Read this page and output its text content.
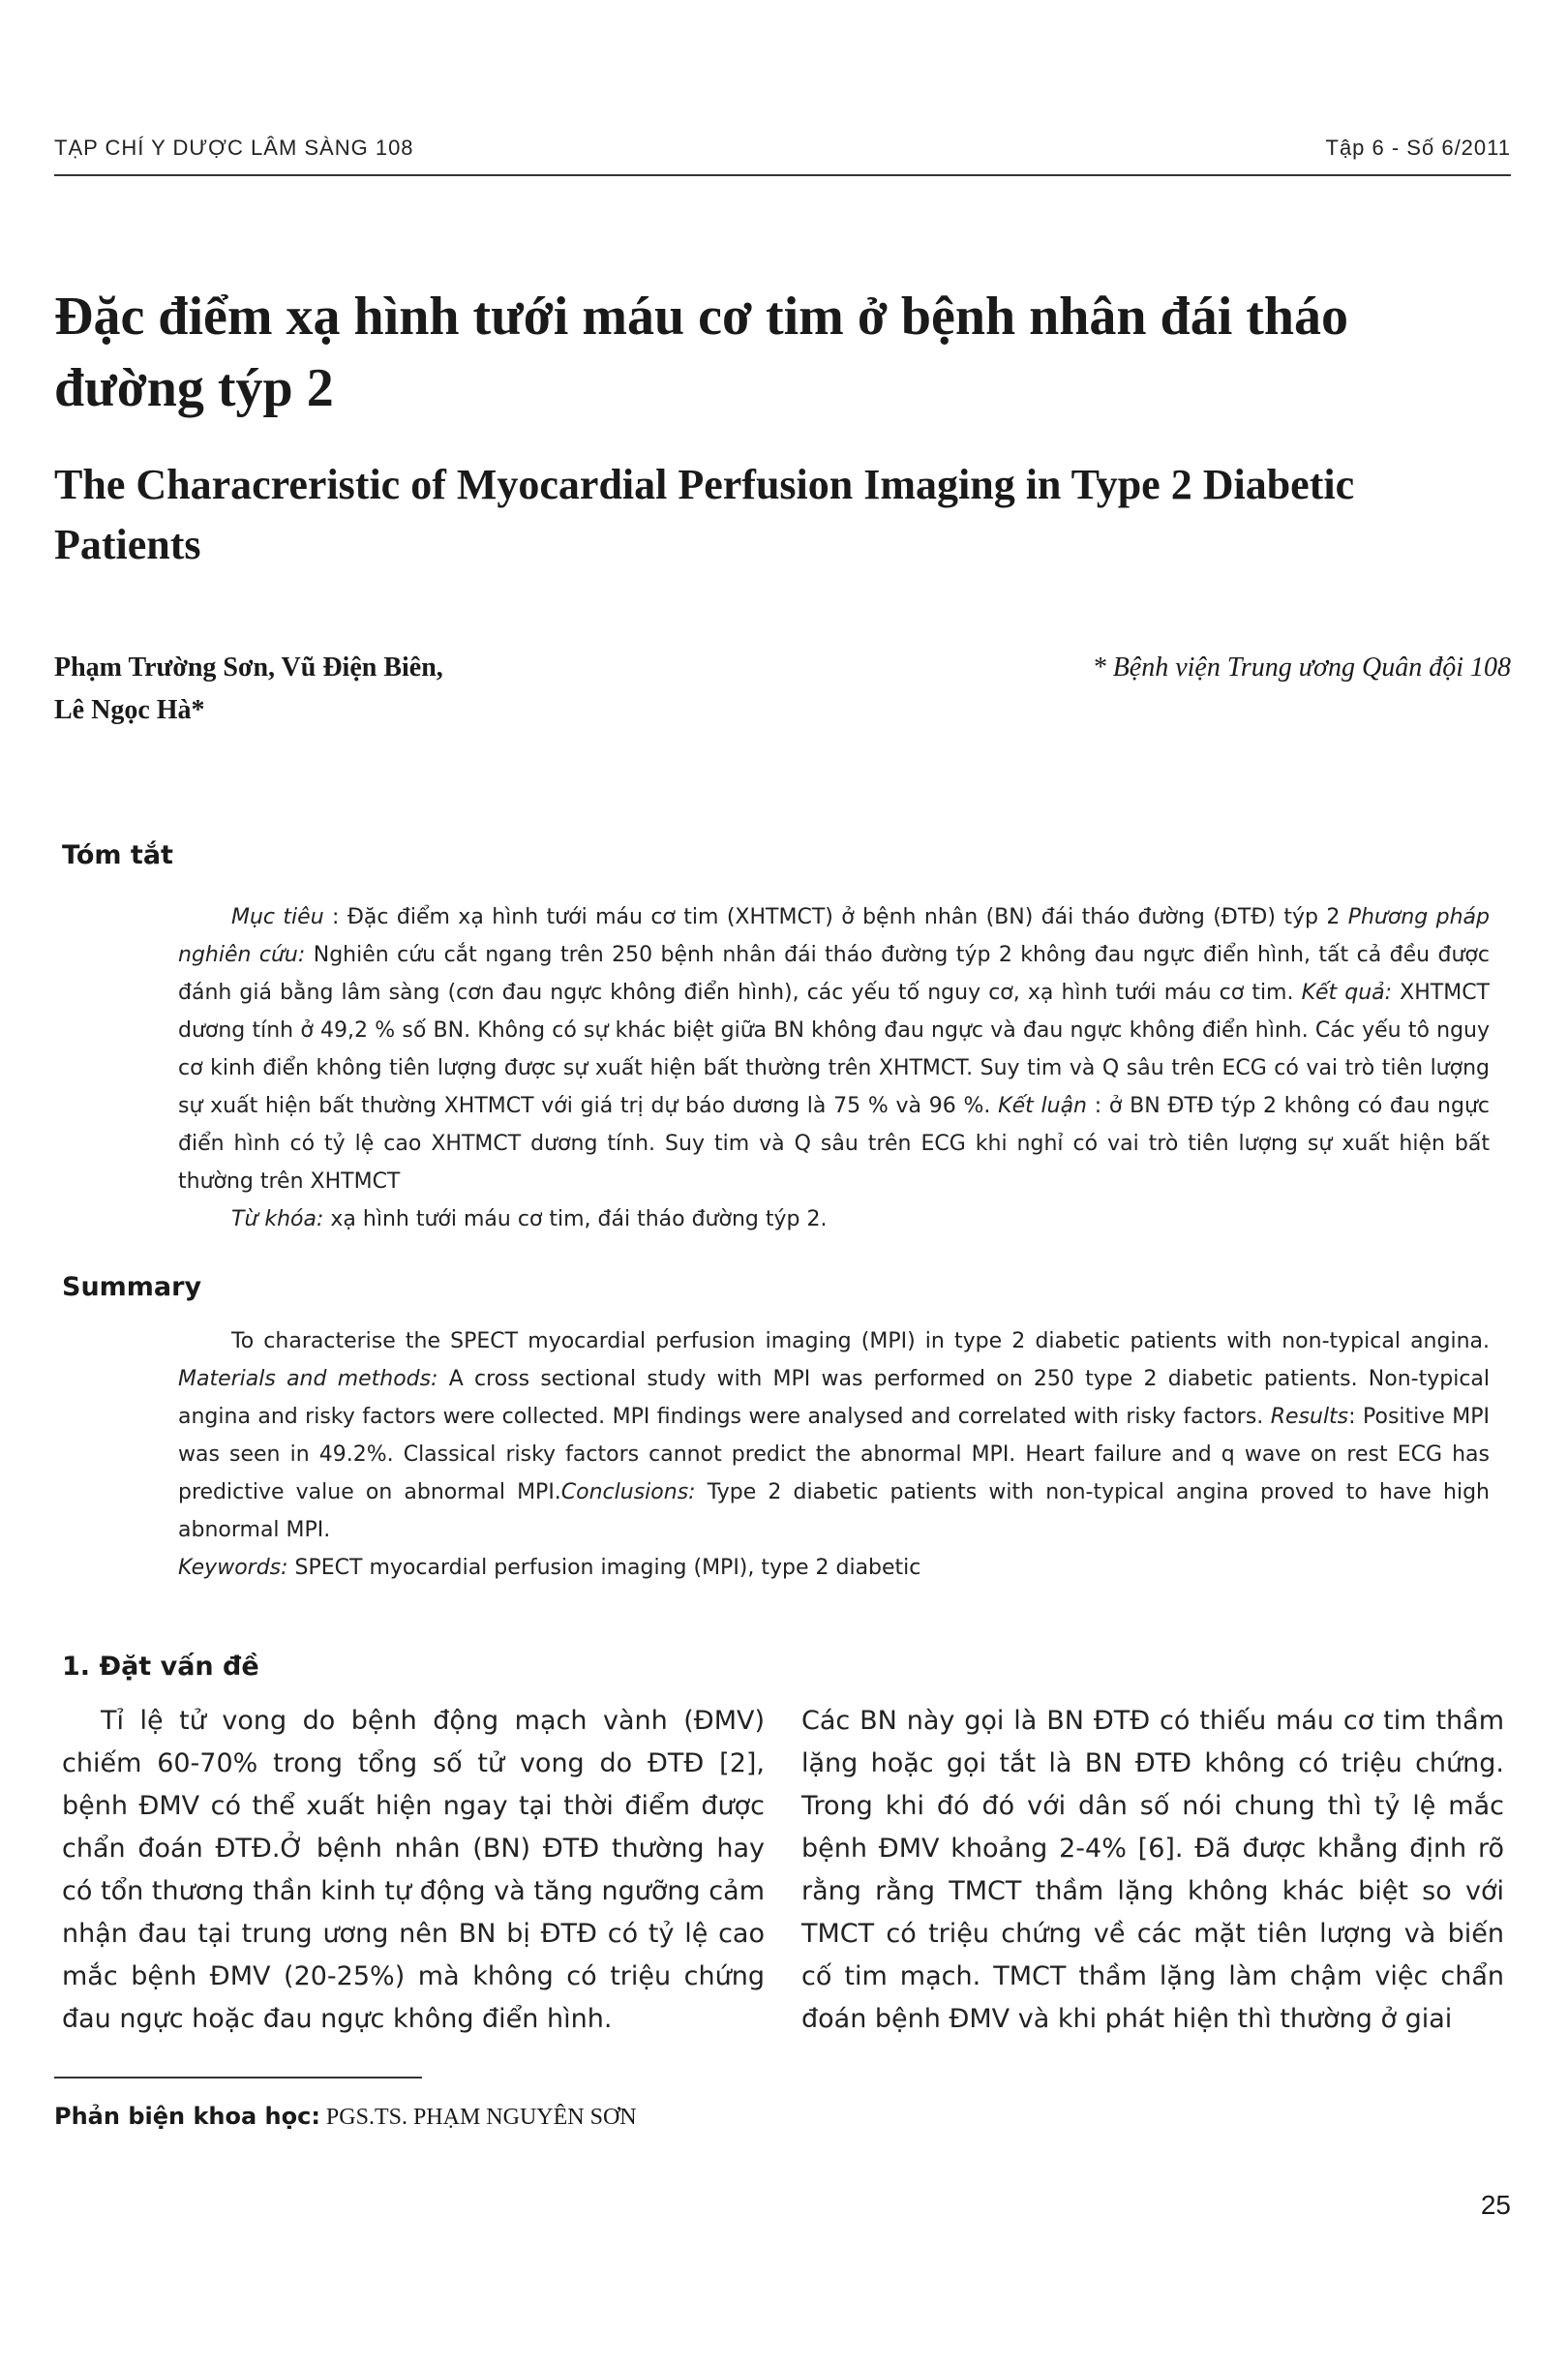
TẠP CHÍ Y DƯỢC LÂM SÀNG 108	Tập 6 - Số 6/2011
Đặc điểm xạ hình tưới máu cơ tim ở bệnh nhân đái tháo đường týp 2
The Characreristic of Myocardial Perfusion Imaging in Type 2 Diabetic Patients
Phạm Trường Sơn, Vũ Điện Biên,
Lê Ngọc Hà*
* Bệnh viện Trung ương Quân đội 108
Tóm tắt

Mục tiêu : Đặc điểm xạ hình tưới máu cơ tim (XHTMCT) ở bệnh nhân (BN) đái tháo đường (ĐTĐ) týp 2 Phương pháp nghiên cứu: Nghiên cứu cắt ngang trên 250 bệnh nhân đái tháo đường týp 2 không đau ngực điển hình, tất cả đều được đánh giá bằng lâm sàng (cơn đau ngực không điển hình), các yếu tố nguy cơ, xạ hình tưới máu cơ tim. Kết quả: XHTMCT dương tính ở 49,2 % số BN. Không có sự khác biệt giữa BN không đau ngực và đau ngực không điển hình. Các yếu tô nguy cơ kinh điển không tiên lượng được sự xuất hiện bất thường trên XHTMCT. Suy tim và Q sâu trên ECG có vai trò tiên lượng sự xuất hiện bất thường XHTMCT với giá trị dự báo dương là 75 % và 96 %. Kết luận : ở BN ĐTĐ týp 2 không có đau ngực điển hình có tỷ lệ cao XHTMCT dương tính. Suy tim và Q sâu trên ECG khi nghỉ có vai trò tiên lượng sự xuất hiện bất thường trên XHTMCT

Từ khóa: xạ hình tưới máu cơ tim, đái tháo đường týp 2.

Summary

To characterise the SPECT myocardial perfusion imaging (MPI) in type 2 diabetic patients with non-typical angina. Materials and methods: A cross sectional study with MPI was performed on 250 type 2 diabetic patients. Non-typical angina and risky factors were collected. MPI findings were analysed and correlated with risky factors. Results: Positive MPI was seen in 49.2%. Classical risky factors cannot predict the abnormal MPI. Heart failure and q wave on rest ECG has predictive value on abnormal MPI.Conclusions: Type 2 diabetic patients with non-typical angina proved to have high abnormal MPI.

Keywords: SPECT myocardial perfusion imaging (MPI), type 2 diabetic

1. Đặt vấn đề
Tỉ lệ tử vong do bệnh động mạch vành (ĐMV) chiếm 60-70% trong tổng số tử vong do ĐTĐ [2], bệnh ĐMV có thể xuất hiện ngay tại thời điểm được chẩn đoán ĐTĐ.Ở bệnh nhân (BN) ĐTĐ thường hay có tổn thương thần kinh tự động và tăng ngưỡng cảm nhận đau tại trung ương nên BN bị ĐTĐ có tỷ lệ cao mắc bệnh ĐMV (20-25%) mà không có triệu chứng đau ngực hoặc đau ngực không điển hình.
Các BN này gọi là BN ĐTĐ có thiếu máu cơ tim thầm lặng hoặc gọi tắt là BN ĐTĐ không có triệu chứng. Trong khi đó đó với dân số nói chung thì tỷ lệ mắc bệnh ĐMV khoảng 2-4% [6]. Đã được khẳng định rõ rằng rằng TMCT thầm lặng không khác biệt so với TMCT có triệu chứng về các mặt tiên lượng và biến cố tim mạch. TMCT thầm lặng làm chậm việc chẩn đoán bệnh ĐMV và khi phát hiện thì thường ở giai
Phản biện khoa học: PGS.TS. PHẠM NGUYÊN SƠN
25
